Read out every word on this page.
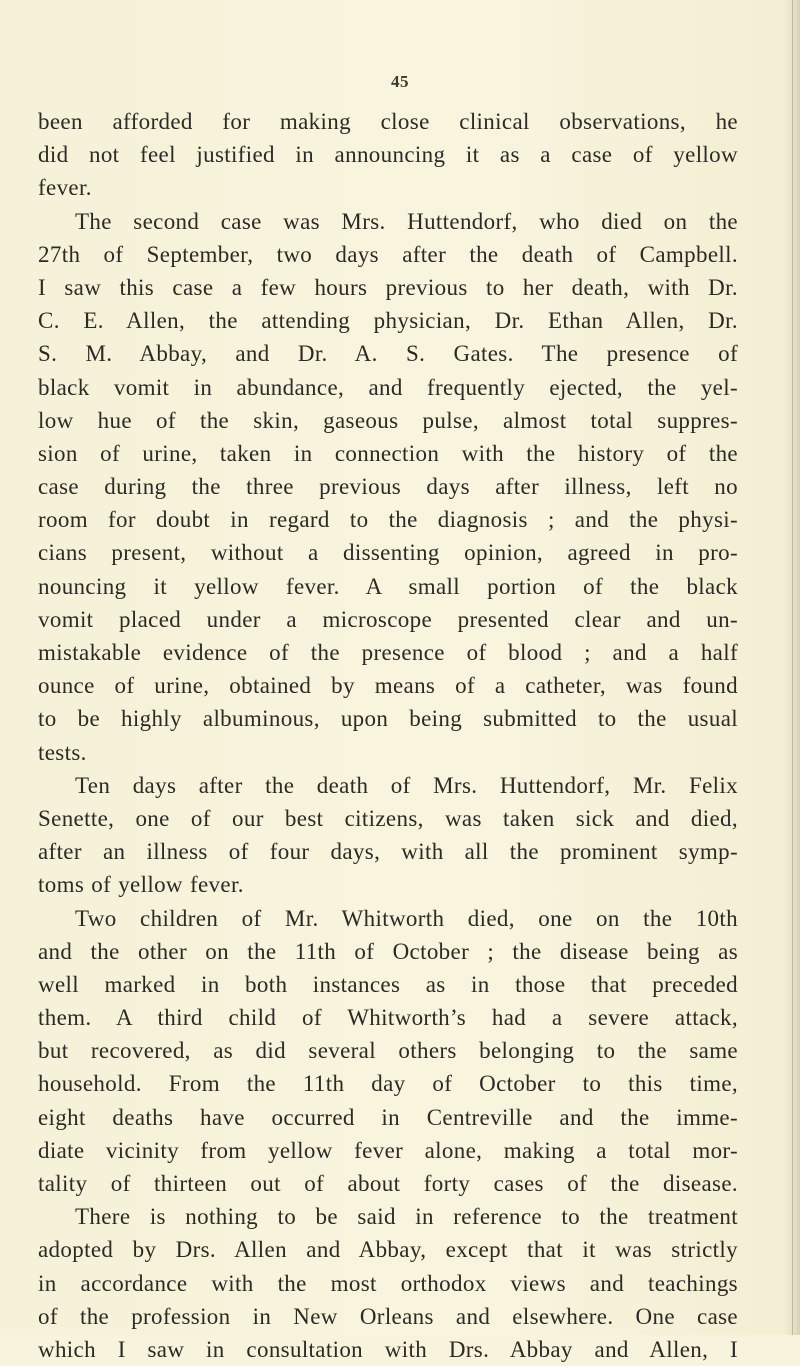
45
been afforded for making close clinical observations, he
did not feel justified in announcing it as a case of yellow
fever.
The second case was Mrs. Huttendorf, who died on the
27th of September, two days after the death of Campbell.
I saw this case a few hours previous to her death, with Dr.
C. E. Allen, the attending physician, Dr. Ethan Allen, Dr.
S. M. Abbay, and Dr. A. S. Gates. The presence of
black vomit in abundance, and frequently ejected, the yel-
low hue of the skin, gaseous pulse, almost total suppres-
sion of urine, taken in connection with the history of the
case during the three previous days after illness, left no
room for doubt in regard to the diagnosis ; and the physi-
cians present, without a dissenting opinion, agreed in pro-
nouncing it yellow fever. A small portion of the black
vomit placed under a microscope presented clear and un-
mistakable evidence of the presence of blood ; and a half
ounce of urine, obtained by means of a catheter, was found
to be highly albuminous, upon being submitted to the usual
tests.
Ten days after the death of Mrs. Huttendorf, Mr. Felix
Senette, one of our best citizens, was taken sick and died,
after an illness of four days, with all the prominent symp-
toms of yellow fever.
Two children of Mr. Whitworth died, one on the 10th
and the other on the 11th of October ; the disease being as
well marked in both instances as in those that preceded
them. A third child of Whitworth’s had a severe attack,
but recovered, as did several others belonging to the same
household. From the 11th day of October to this time,
eight deaths have occurred in Centreville and the imme-
diate vicinity from yellow fever alone, making a total mor-
tality of thirteen out of about forty cases of the disease.
There is nothing to be said in reference to the treatment
adopted by Drs. Allen and Abbay, except that it was strictly
in accordance with the most orthodox views and teachings
of the profession in New Orleans and elsewhere. One case
which I saw in consultation with Drs. Abbay and Allen, I
